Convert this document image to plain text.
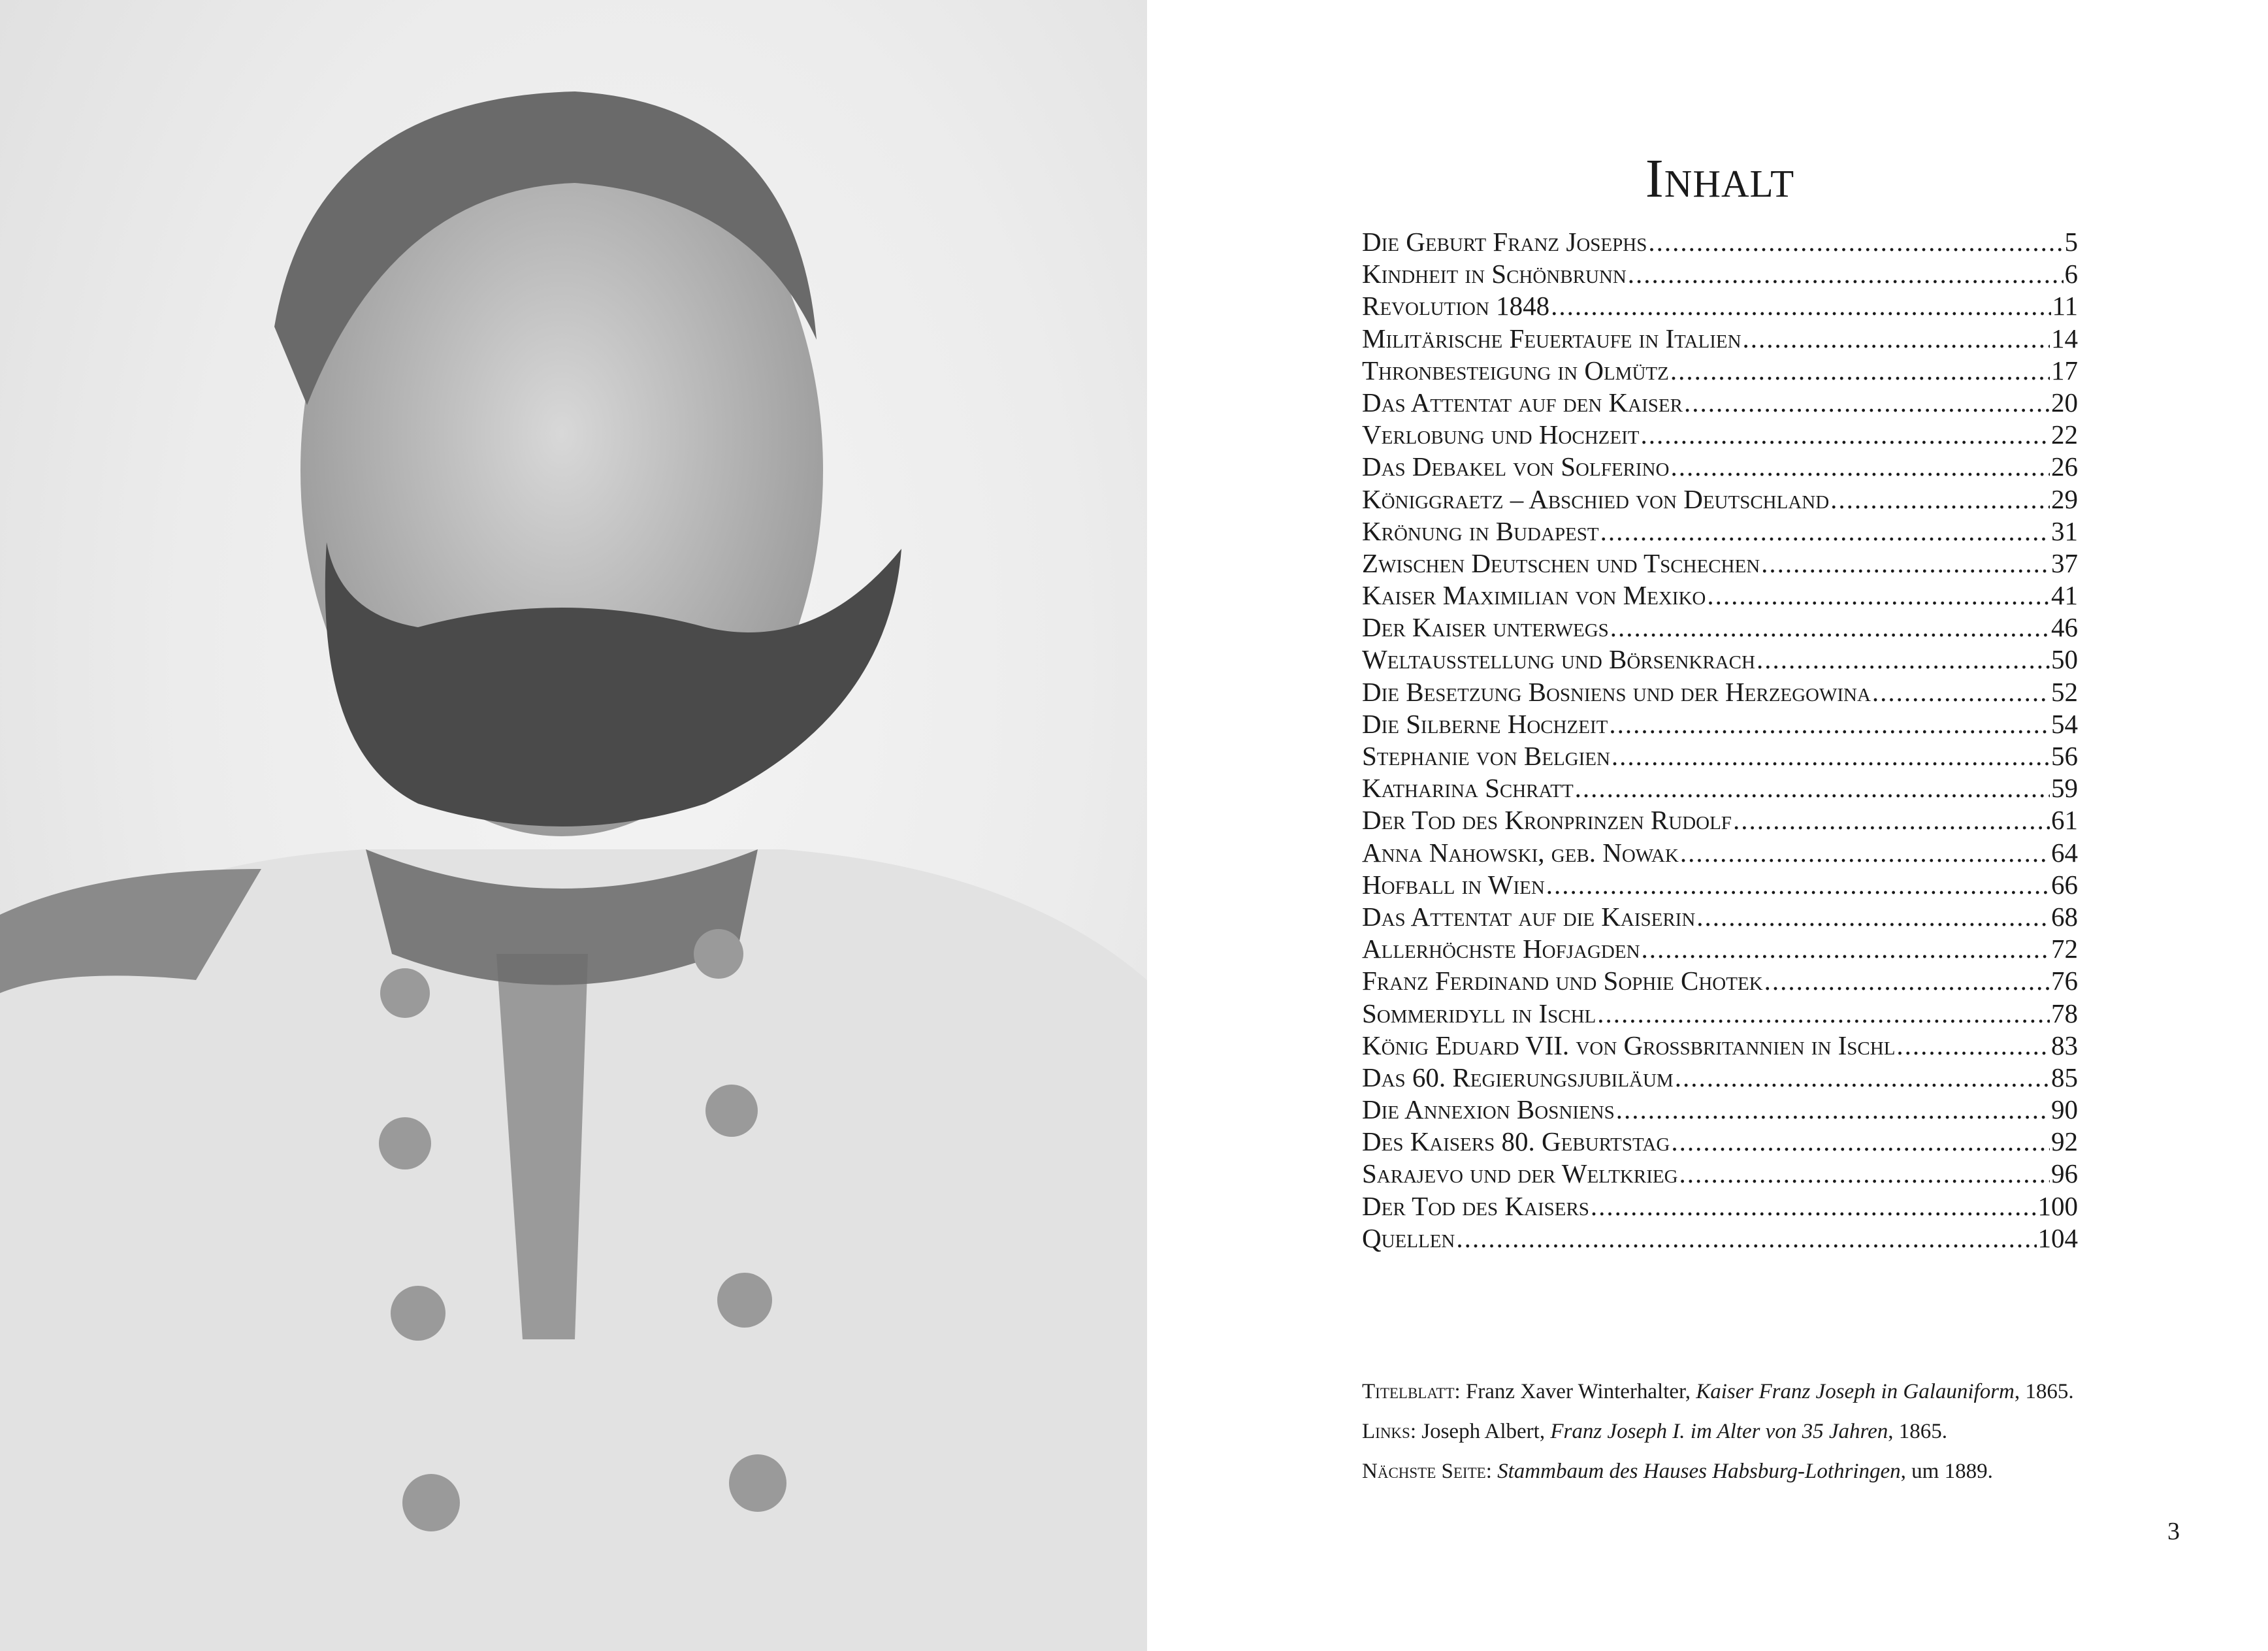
Inhalt
Die Geburt Franz Josephs .....	5
Kindheit in Schönbrunn .....	6
Revolution 1848 .....	11
Militärische Feuertaufe in Italien .....	14
Thronbesteigung in Olmütz .....	17
Das Attentat auf den Kaiser .....	20
Verlobung und Hochzeit .....	22
Das Debakel von Solferino .....	26
Königgraetz – Abschied von Deutschland .....	29
Krönung in Budapest .....	31
Zwischen Deutschen und Tschechen .....	37
Kaiser Maximilian von Mexiko .....	41
Der Kaiser unterwegs .....	46
Weltausstellung und Börsenkrach .....	50
Die Besetzung Bosniens und der Herzegowina .....	52
Die Silberne Hochzeit .....	54
Stephanie von Belgien .....	56
Katharina Schratt .....	59
Der Tod des Kronprinzen Rudolf .....	61
Anna Nahowski, geb. Nowak .....	64
Hofball in Wien .....	66
Das Attentat auf die Kaiserin .....	68
Allerhöchste Hofjagden .....	72
Franz Ferdinand und Sophie Chotek .....	76
Sommeridyll in Ischl .....	78
König Eduard VII. von Grossbritannien in Ischl .....	83
Das 60. Regierungsjubiläum .....	85
Die Annexion Bosniens .....	90
Des Kaisers 80. Geburtstag .....	92
Sarajevo und der Weltkrieg .....	96
Der Tod des Kaisers .....	100
Quellen .....	104
Titelblatt: Franz Xaver Winterhalter, Kaiser Franz Joseph in Galauniform, 1865.
Links: Joseph Albert, Franz Joseph I. im Alter von 35 Jahren, 1865.
Nächste Seite: Stammbaum des Hauses Habsburg-Lothringen, um 1889.
3
